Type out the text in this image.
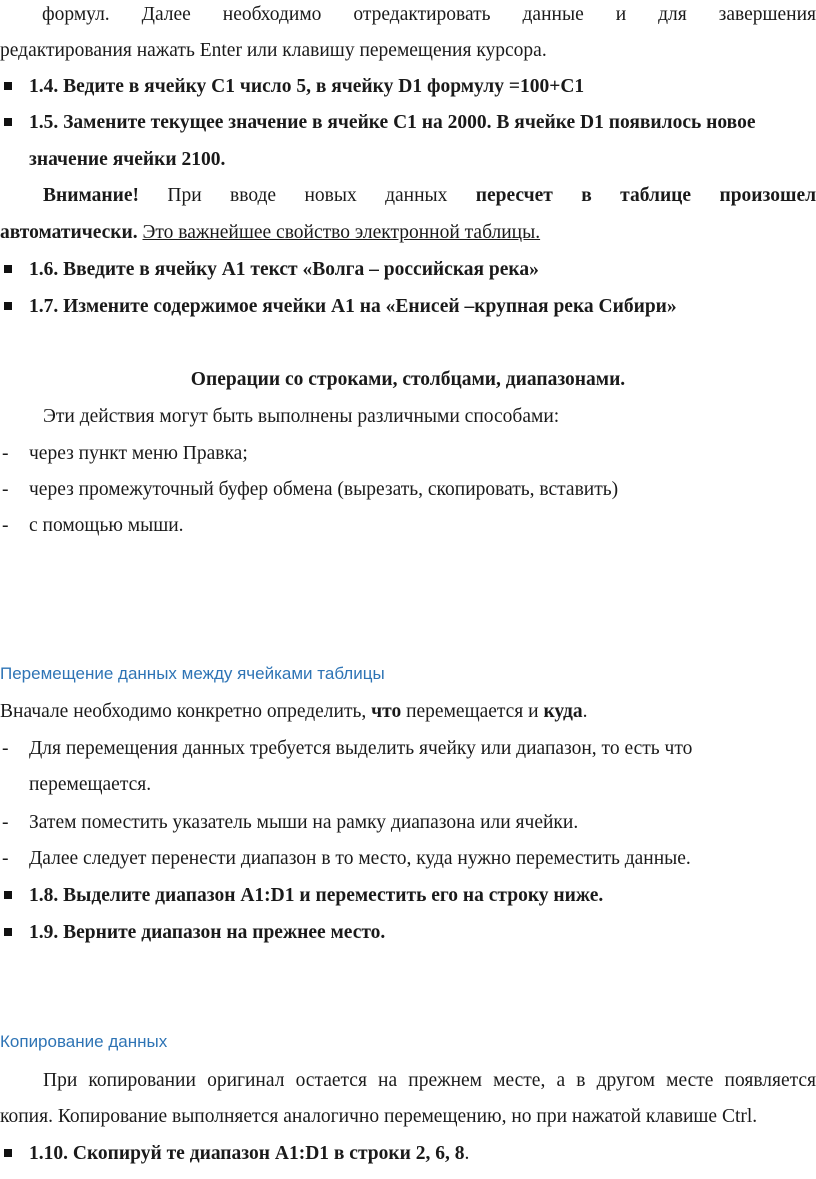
формул. Далее необходимо отредактировать данные и для завершения
редактирования нажать Enter или клавишу перемещения курсора.
1.4. Ведите в ячейку С1 число 5, в ячейку D1 формулу =100+C1
1.5. Замените текущее значение в ячейке С1 на 2000. В ячейке D1 появилось новое
значение ячейки 2100.
Внимание! При вводе новых данных пересчет в таблице произошел
автоматически. Это важнейшее свойство электронной таблицы.
1.6. Введите в ячейку А1 текст «Волга – российская река»
1.7. Измените содержимое ячейки А1 на «Енисей –крупная река Сибири»
Операции со строками, столбцами, диапазонами.
Эти действия могут быть выполнены различными способами:
- через пункт меню Правка;
- через промежуточный буфер обмена (вырезать, скопировать, вставить)
- с помощью мыши.
Перемещение данных между ячейками таблицы
Вначале необходимо конкретно определить, что перемещается и куда.
- Для перемещения данных требуется выделить ячейку или диапазон, то есть что
перемещается.
- Затем поместить указатель мыши на рамку диапазона или ячейки.
- Далее следует перенести диапазон в то место, куда нужно переместить данные.
1.8. Выделите диапазон А1:D1 и переместить его на строку ниже.
1.9. Верните диапазон на прежнее место.
Копирование данных
При копировании оригинал остается на прежнем месте, а в другом месте появляется
копия. Копирование выполняется аналогично перемещению, но при нажатой клавише Ctrl.
1.10. Скопируй те диапазон А1:D1 в строки 2, 6, 8.
